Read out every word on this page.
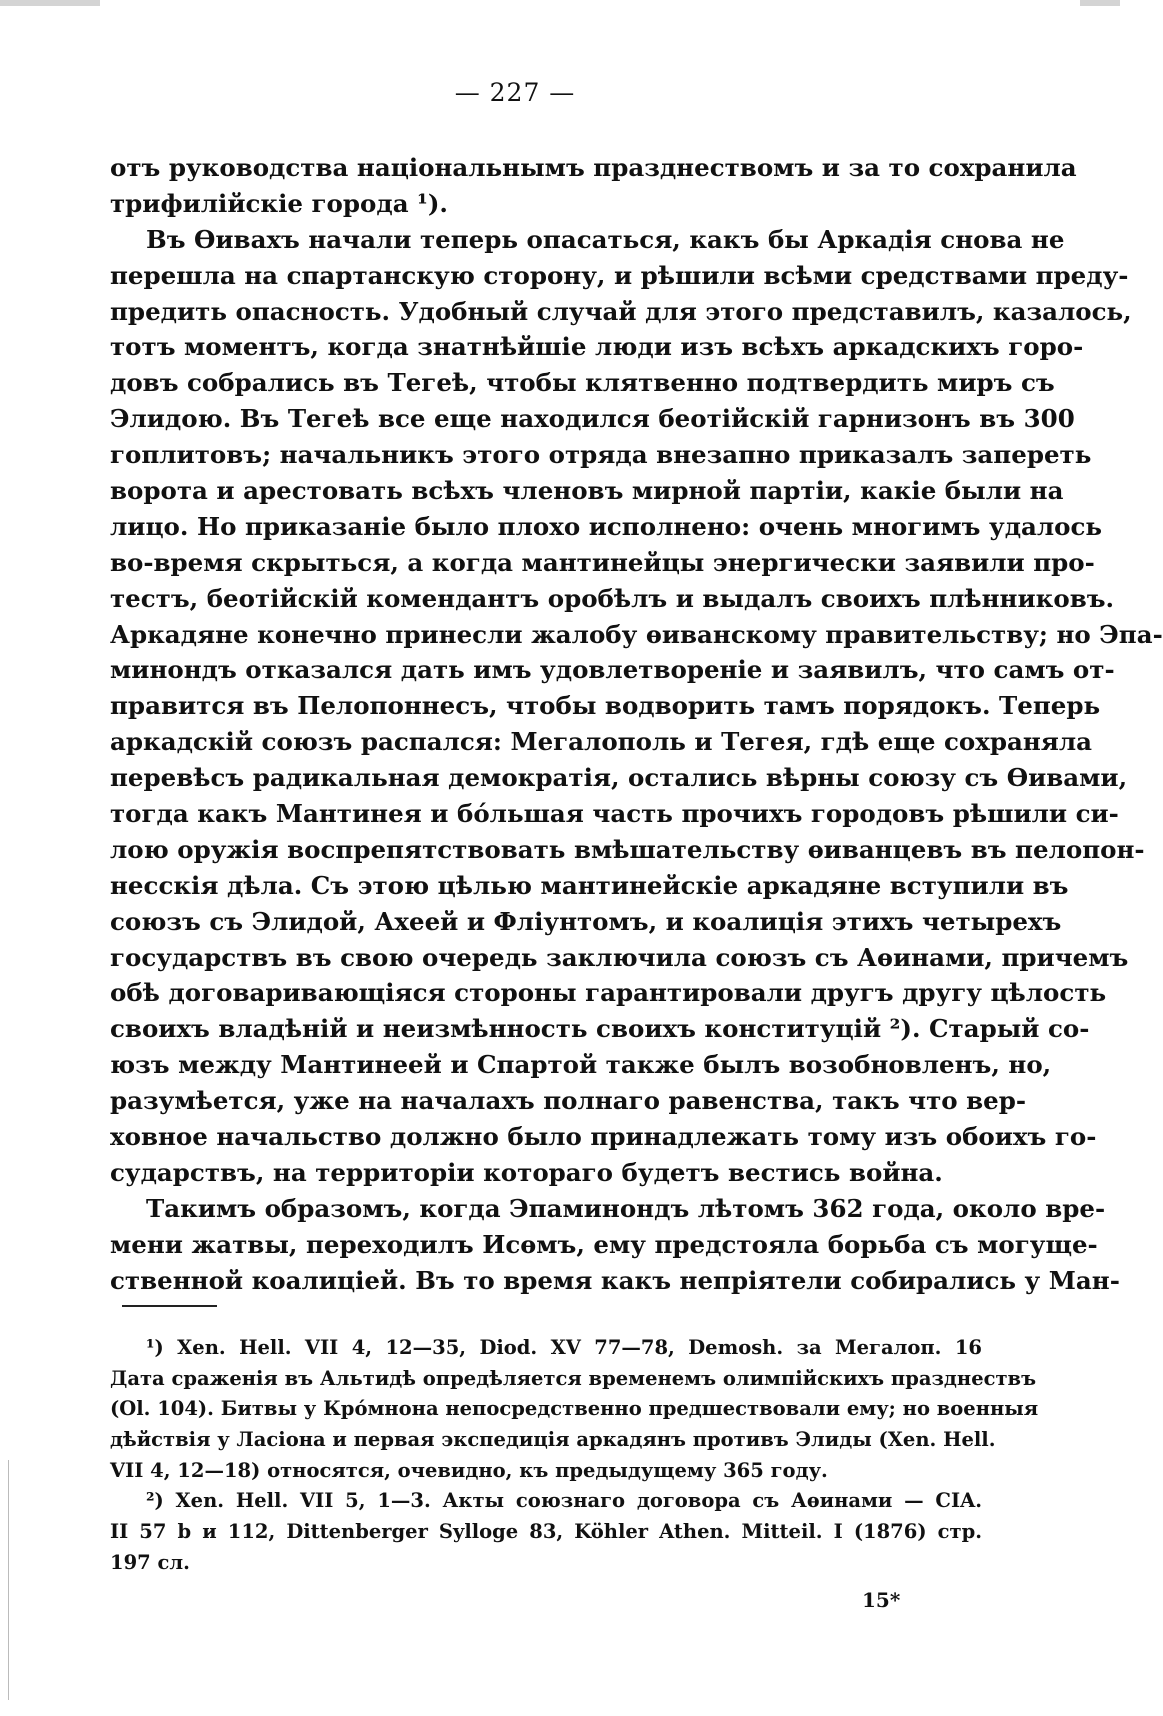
— 227 —
отъ руководства національнымъ празднествомъ и за то сохранила
трифилійскіе города ¹).
Въ Ѳивахъ начали теперь опасаться, какъ бы Аркадія снова не
перешла на спартанскую сторону, и рѣшили всѣми средствами преду-
предить опасность. Удобный случай для этого представилъ, казалось,
тотъ моментъ, когда знатнѣйшіе люди изъ всѣхъ аркадскихъ горо-
довъ собрались въ Тегеѣ, чтобы клятвенно подтвердить миръ съ
Элидою. Въ Тегеѣ все еще находился беотійскій гарнизонъ въ 300
гоплитовъ; начальникъ этого отряда внезапно приказалъ запереть
ворота и арестовать всѣхъ членовъ мирной партіи, какіе были на
лицо. Но приказаніе было плохо исполнено: очень многимъ удалось
во-время скрыться, а когда мантинейцы энергически заявили про-
тестъ, беотійскій комендантъ оробѣлъ и выдалъ своихъ плѣнниковъ.
Аркадяне конечно принесли жалобу ѳиванскому правительству; но Эпа-
минондъ отказался дать имъ удовлетвореніе и заявилъ, что самъ от-
правится въ Пелопоннесъ, чтобы водворить тамъ порядокъ. Теперь
аркадскій союзъ распался: Мегалополь и Тегея, гдѣ еще сохраняла
перевѣсъ радикальная демократія, остались вѣрны союзу съ Ѳивами,
тогда какъ Мантинея и бо́льшая часть прочихъ городовъ рѣшили си-
лою оружія воспрепятствовать вмѣшательству ѳиванцевъ въ пелопон-
несскія дѣла. Съ этою цѣлью мантинейскіе аркадяне вступили въ
союзъ съ Элидой, Ахеей и Фліунтомъ, и коалиція этихъ четырехъ
государствъ въ свою очередь заключила союзъ съ Аѳинами, причемъ
обѣ договаривающіяся стороны гарантировали другъ другу цѣлость
своихъ владѣній и неизмѣнность своихъ конституцій ²). Старый со-
юзъ между Мантинеей и Спартой также былъ возобновленъ, но,
разумѣется, уже на началахъ полнаго равенства, такъ что вер-
ховное начальство должно было принадлежать тому изъ обоихъ го-
сударствъ, на территоріи котораго будетъ вестись война.
Такимъ образомъ, когда Эпаминондъ лѣтомъ 362 года, около вре-
мени жатвы, переходилъ Исѳмъ, ему предстояла борьба съ могуще-
ственной коалиціей. Въ то время какъ непріятели собирались у Ман-
¹) Xen. Hell. VII 4, 12—35, Diod. XV 77—78, Demosh. за Мегалоп. 16
Дата сраженія въ Альтидѣ опредѣляется временемъ олимпійскихъ празднествъ
(Ol. 104). Битвы у Кро́мнона непосредственно предшествовали ему; но военныя
дѣйствія у Ласіона и первая экспедиція аркадянъ противъ Элиды (Xen. Hell.
VII 4, 12—18) относятся, очевидно, къ предыдущему 365 году.
²) Xen. Hell. VII 5, 1—3. Акты союзнаго договора съ Аѳинами — CIA.
II 57 b и 112, Dittenberger Sylloge 83, Köhler Athen. Mitteil. I (1876) стр.
197 сл.
15*
